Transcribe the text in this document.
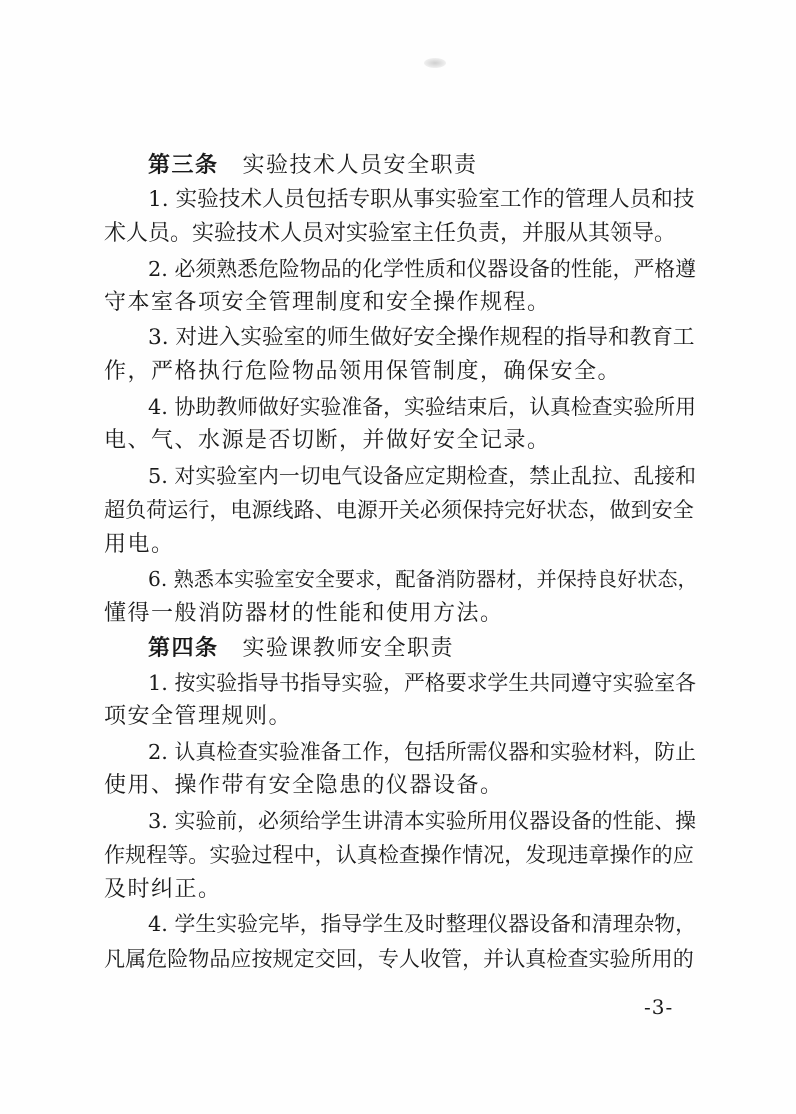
第三条 实验技术人员安全职责
1. 实验技术人员包括专职从事实验室工作的管理人员和技
术人员。实验技术人员对实验室主任负责，并服从其领导。
2. 必须熟悉危险物品的化学性质和仪器设备的性能，严格遵
守本室各项安全管理制度和安全操作规程。
3. 对进入实验室的师生做好安全操作规程的指导和教育工
作，严格执行危险物品领用保管制度，确保安全。
4. 协助教师做好实验准备，实验结束后，认真检查实验所用
电、气、水源是否切断，并做好安全记录。
5. 对实验室内一切电气设备应定期检查，禁止乱拉、乱接和
超负荷运行，电源线路、电源开关必须保持完好状态，做到安全
用电。
6. 熟悉本实验室安全要求，配备消防器材，并保持良好状态，
懂得一般消防器材的性能和使用方法。
第四条 实验课教师安全职责
1. 按实验指导书指导实验，严格要求学生共同遵守实验室各
项安全管理规则。
2. 认真检查实验准备工作，包括所需仪器和实验材料，防止
使用、操作带有安全隐患的仪器设备。
3. 实验前，必须给学生讲清本实验所用仪器设备的性能、操
作规程等。实验过程中，认真检查操作情况，发现违章操作的应
及时纠正。
4. 学生实验完毕，指导学生及时整理仪器设备和清理杂物，
凡属危险物品应按规定交回，专人收管，并认真检查实验所用的
-3-
